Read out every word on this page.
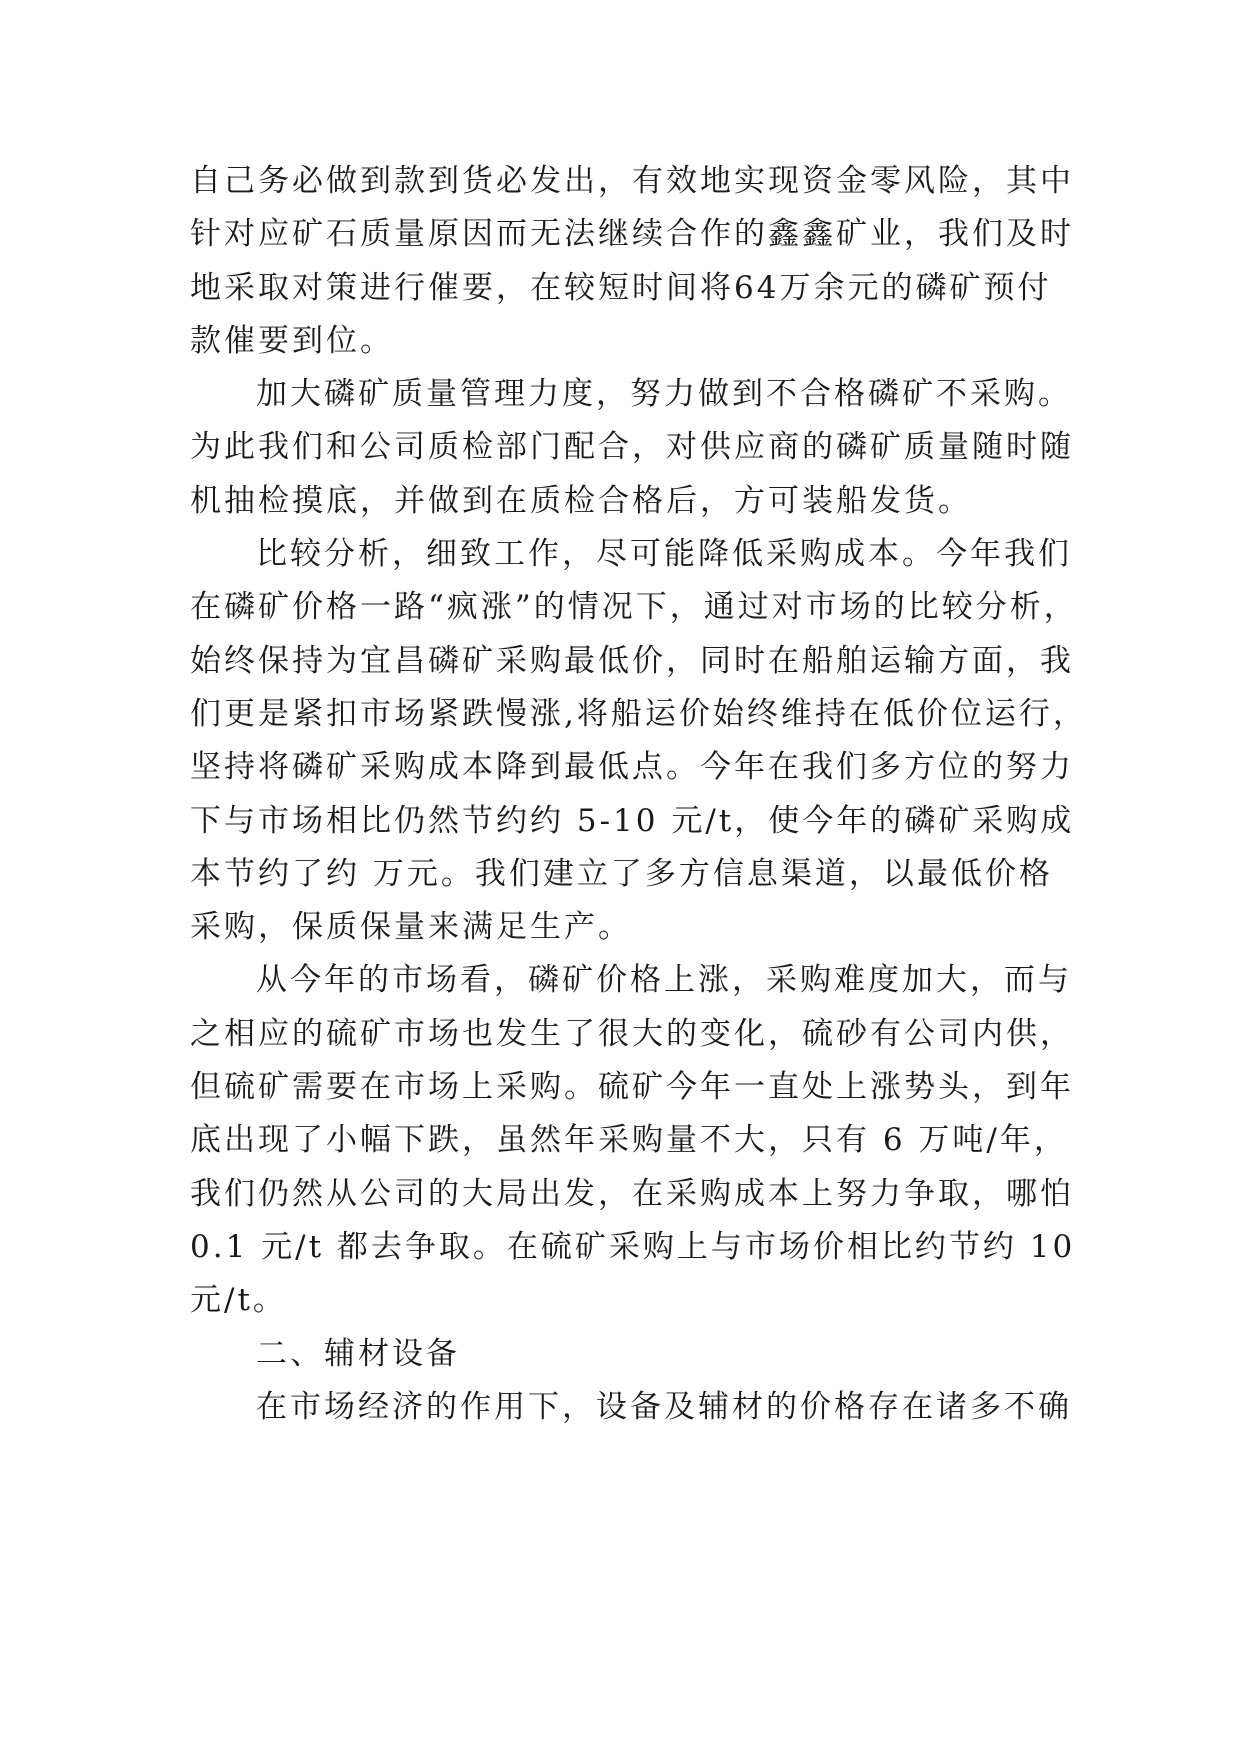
自己务必做到款到货必发出，有效地实现资金零风险，其中
针对应矿石质量原因而无法继续合作的鑫鑫矿业，我们及时
地采取对策进行催要，在较短时间将64万余元的磷矿预付
款催要到位。
加大磷矿质量管理力度，努力做到不合格磷矿不采购。
为此我们和公司质检部门配合，对供应商的磷矿质量随时随
机抽检摸底，并做到在质检合格后，方可装船发货。
比较分析，细致工作，尽可能降低采购成本。今年我们
在磷矿价格一路“疯涨”的情况下，通过对市场的比较分析，
始终保持为宜昌磷矿采购最低价，同时在船舶运输方面，我
们更是紧扣市场紧跌慢涨,将船运价始终维持在低价位运行，
坚持将磷矿采购成本降到最低点。今年在我们多方位的努力
下与市场相比仍然节约约 5-10 元/t，使今年的磷矿采购成
本节约了约 万元。我们建立了多方信息渠道，以最低价格
采购，保质保量来满足生产。
从今年的市场看，磷矿价格上涨，采购难度加大，而与
之相应的硫矿市场也发生了很大的变化，硫砂有公司内供，
但硫矿需要在市场上采购。硫矿今年一直处上涨势头，到年
底出现了小幅下跌，虽然年采购量不大，只有 6 万吨/年，
我们仍然从公司的大局出发，在采购成本上努力争取，哪怕
0.1 元/t 都去争取。在硫矿采购上与市场价相比约节约 10
元/t。
二、辅材设备
在市场经济的作用下，设备及辅材的价格存在诸多不确
